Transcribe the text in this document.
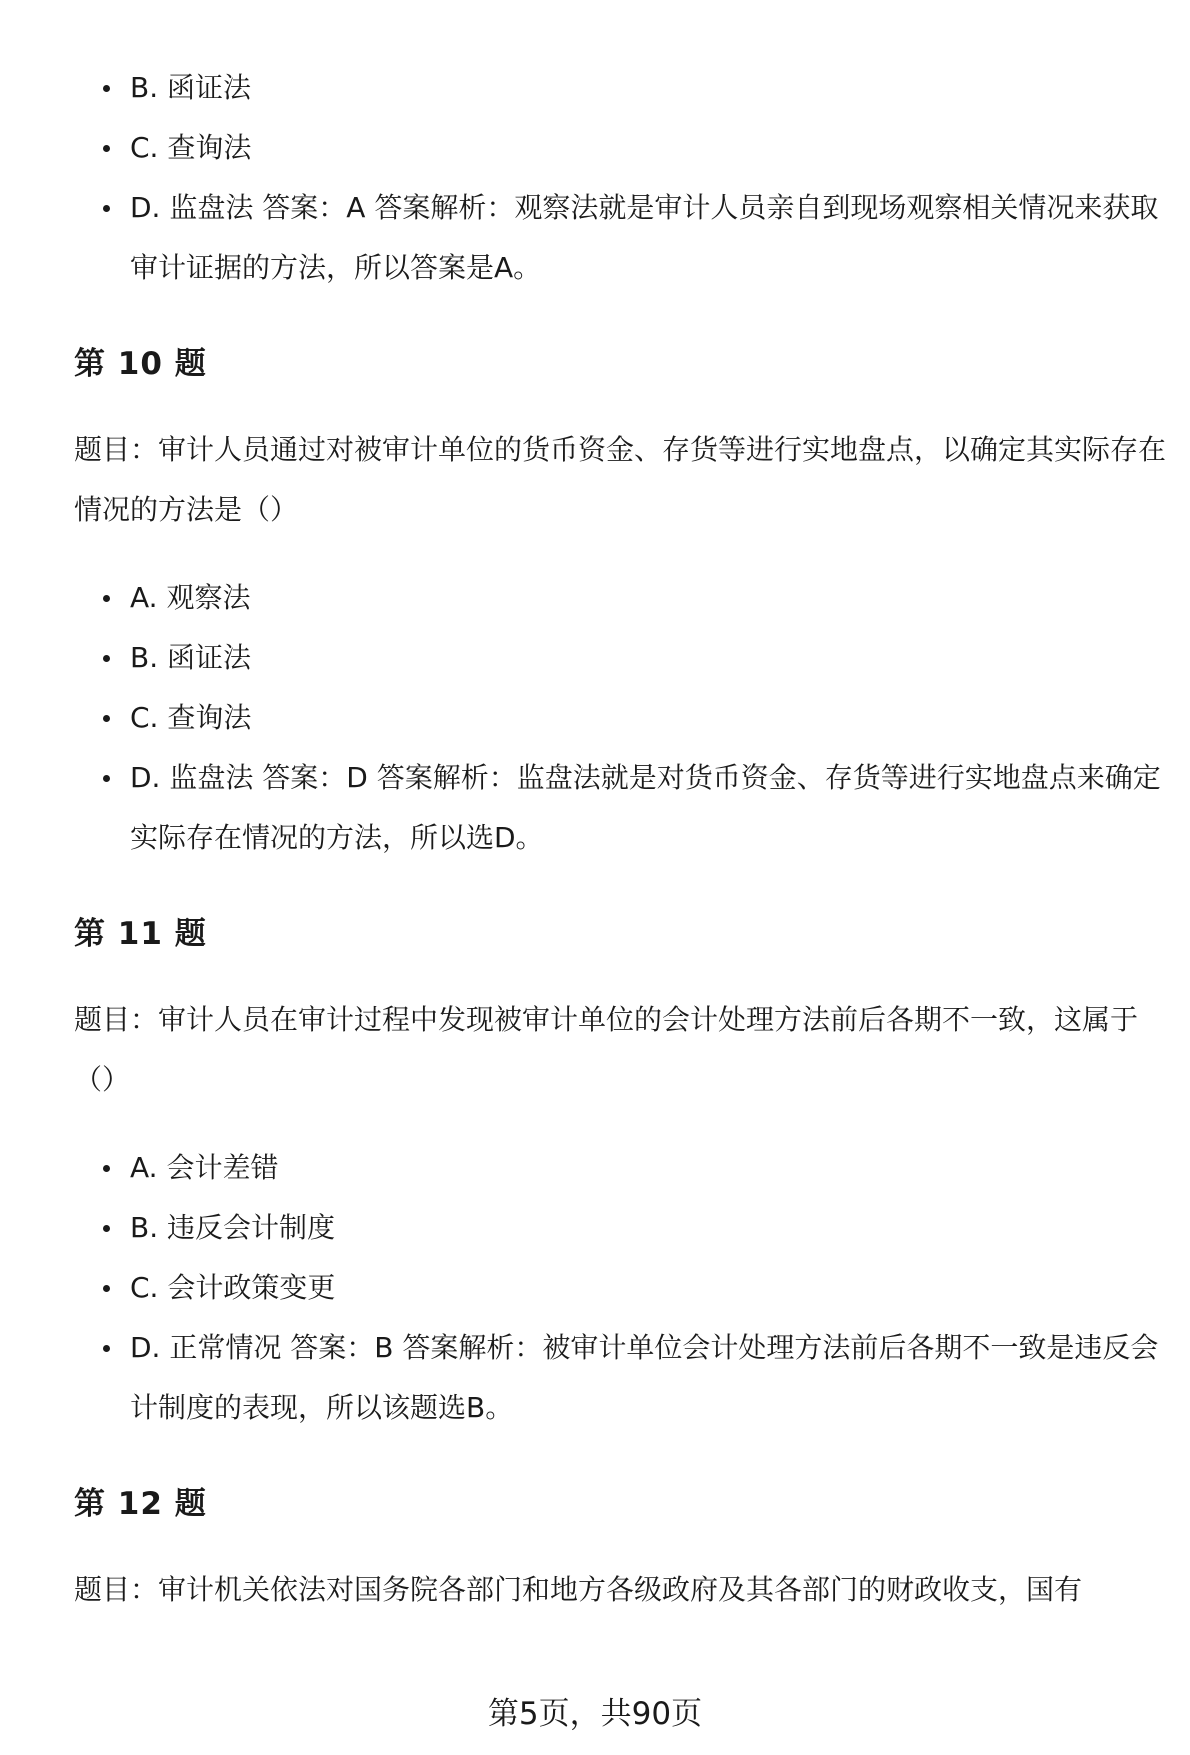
B. 函证法
C. 查询法
D. 监盘法 答案：A 答案解析：观察法就是审计人员亲自到现场观察相关情况来获取审计证据的方法，所以答案是A。
第 10 题
题目：审计人员通过对被审计单位的货币资金、存货等进行实地盘点，以确定其实际存在情况的方法是（）
A. 观察法
B. 函证法
C. 查询法
D. 监盘法 答案：D 答案解析：监盘法就是对货币资金、存货等进行实地盘点来确定实际存在情况的方法，所以选D。
第 11 题
题目：审计人员在审计过程中发现被审计单位的会计处理方法前后各期不一致，这属于（）
A. 会计差错
B. 违反会计制度
C. 会计政策变更
D. 正常情况 答案：B 答案解析：被审计单位会计处理方法前后各期不一致是违反会计制度的表现，所以该题选B。
第 12 题
题目：审计机关依法对国务院各部门和地方各级政府及其各部门的财政收支，国有
第5页，共90页
